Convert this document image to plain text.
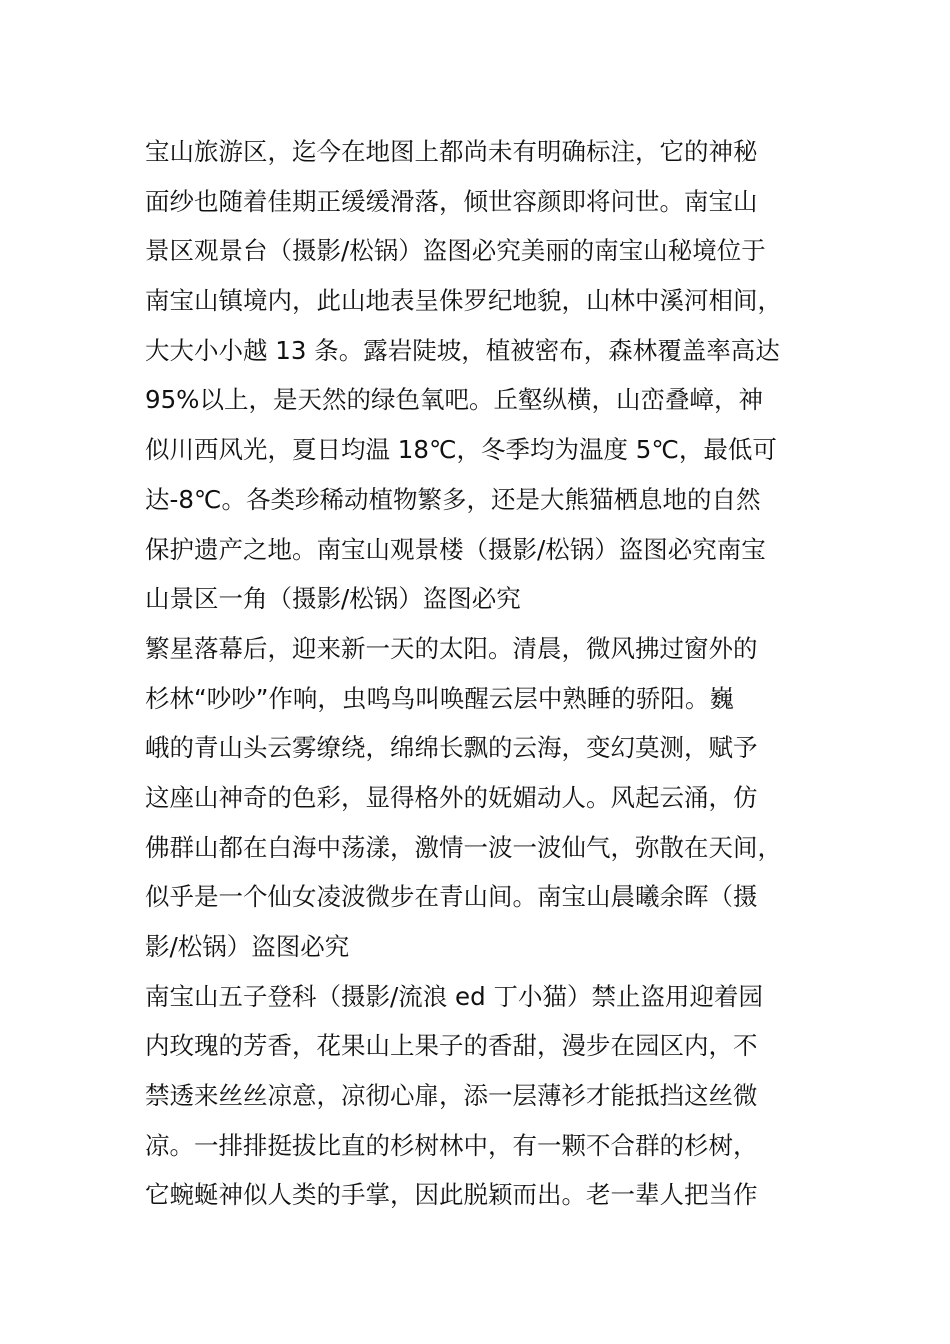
宝山旅游区，迄今在地图上都尚未有明确标注，它的神秘
面纱也随着佳期正缓缓滑落，倾世容颜即将问世。南宝山
景区观景台（摄影/松锅）盗图必究美丽的南宝山秘境位于
南宝山镇境内，此山地表呈侏罗纪地貌，山林中溪河相间，
大大小小越 13 条。露岩陡坡，植被密布，森林覆盖率高达
95%以上，是天然的绿色氧吧。丘壑纵横，山峦叠嶂，神
似川西风光，夏日均温 18℃，冬季均为温度 5℃，最低可
达-8℃。各类珍稀动植物繁多，还是大熊猫栖息地的自然
保护遗产之地。南宝山观景楼（摄影/松锅）盗图必究南宝
山景区一角（摄影/松锅）盗图必究
繁星落幕后，迎来新一天的太阳。清晨，微风拂过窗外的
杉林“吵吵”作响，虫鸣鸟叫唤醒云层中熟睡的骄阳。巍
峨的青山头云雾缭绕，绵绵长飘的云海，变幻莫测，赋予
这座山神奇的色彩，显得格外的妩媚动人。风起云涌，仿
佛群山都在白海中荡漾，激情一波一波仙气，弥散在天间，
似乎是一个仙女凌波微步在青山间。南宝山晨曦余晖（摄
影/松锅）盗图必究
南宝山五子登科（摄影/流浪 ed 丁小猫）禁止盗用迎着园
内玫瑰的芳香，花果山上果子的香甜，漫步在园区内，不
禁透来丝丝凉意，凉彻心扉，添一层薄衫才能抵挡这丝微
凉。一排排挺拔比直的杉树林中，有一颗不合群的杉树，
它蜿蜒神似人类的手掌，因此脱颖而出。老一辈人把当作
